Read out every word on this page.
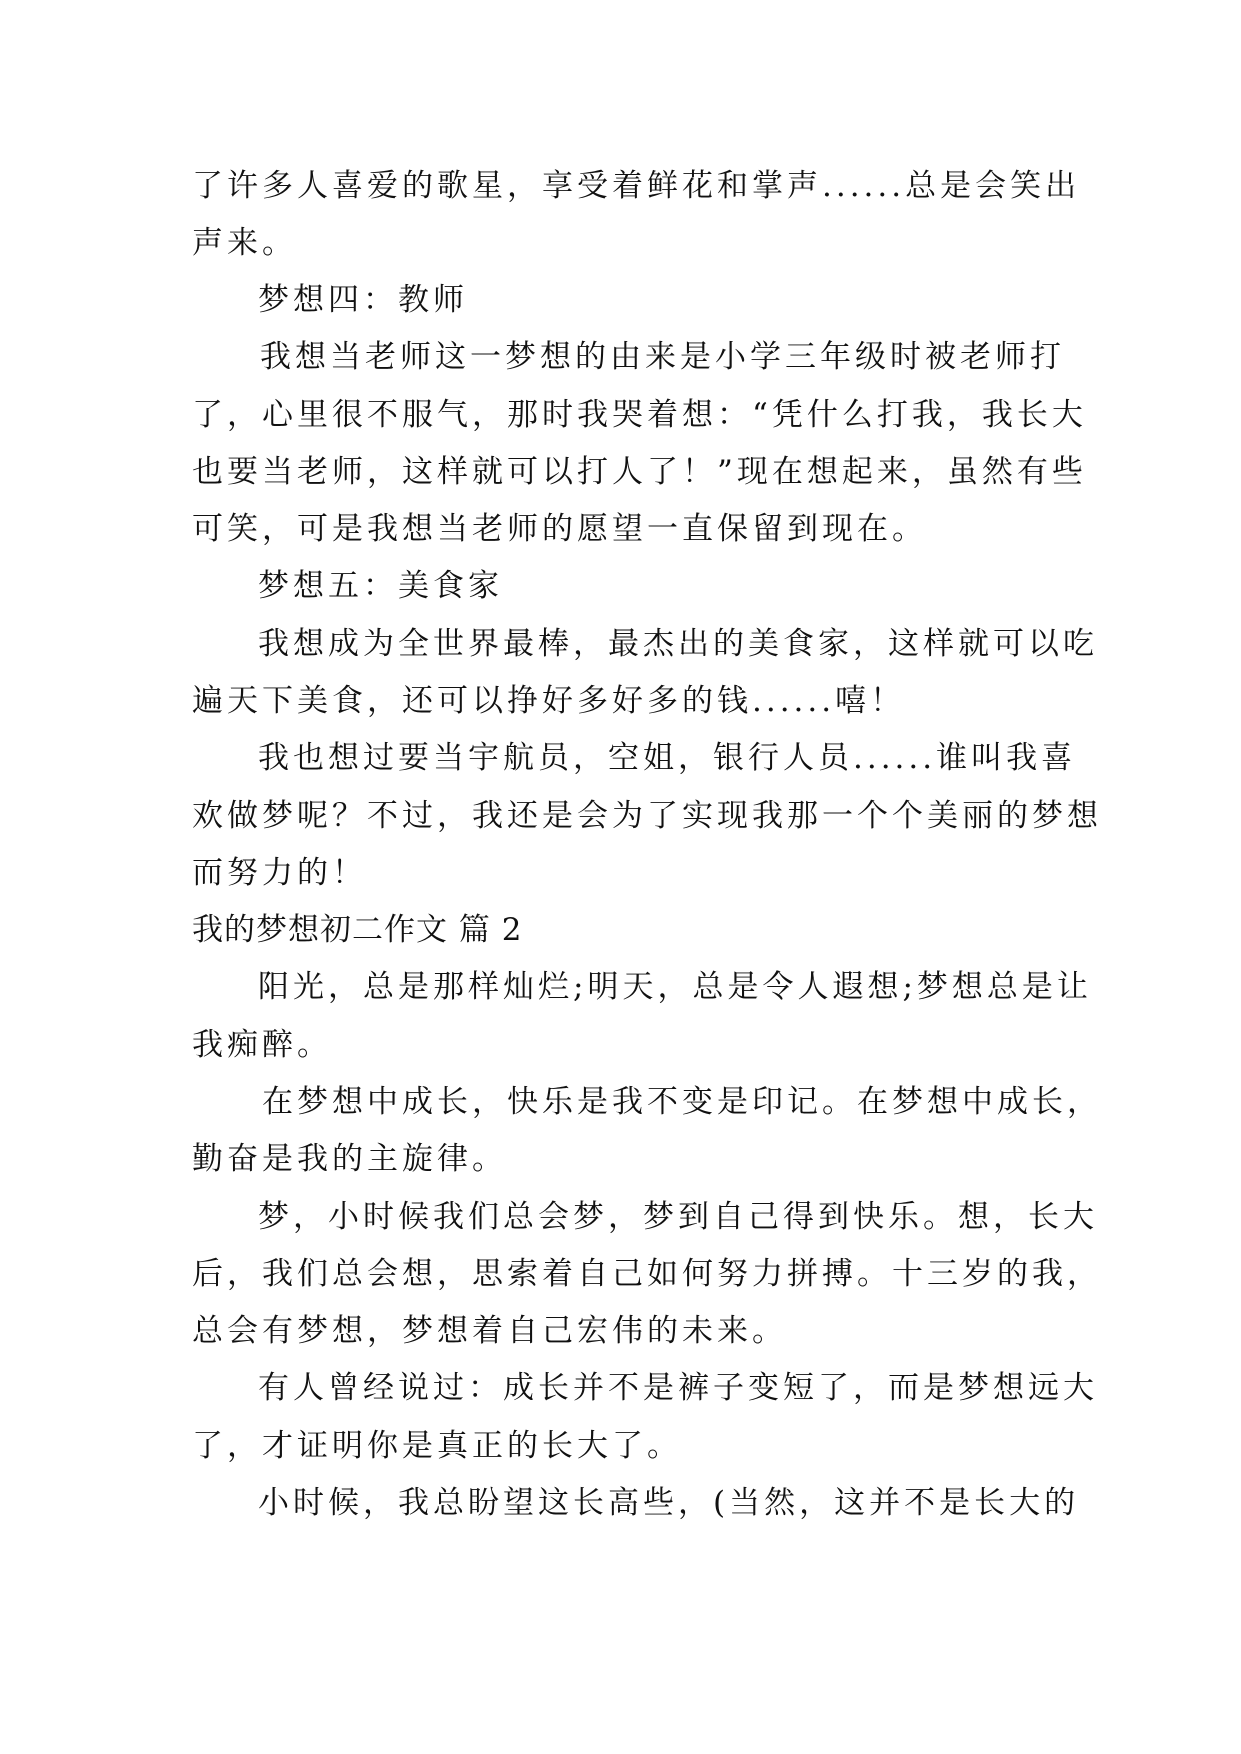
了许多人喜爱的歌星，享受着鲜花和掌声......总是会笑出
声来。
梦想四：教师
我想当老师这一梦想的由来是小学三年级时被老师打
了，心里很不服气，那时我哭着想：“凭什么打我，我长大
也要当老师，这样就可以打人了！”现在想起来，虽然有些
可笑，可是我想当老师的愿望一直保留到现在。
梦想五：美食家
我想成为全世界最棒，最杰出的美食家，这样就可以吃
遍天下美食，还可以挣好多好多的钱......嘻！
我也想过要当宇航员，空姐，银行人员......谁叫我喜
欢做梦呢？不过，我还是会为了实现我那一个个美丽的梦想
而努力的！
我的梦想初二作文 篇 2
阳光，总是那样灿烂;明天，总是令人遐想;梦想总是让
我痴醉。
在梦想中成长，快乐是我不变是印记。在梦想中成长，
勤奋是我的主旋律。
梦，小时候我们总会梦，梦到自己得到快乐。想，长大
后，我们总会想，思索着自己如何努力拼搏。十三岁的我，
总会有梦想，梦想着自己宏伟的未来。
有人曾经说过：成长并不是裤子变短了，而是梦想远大
了，才证明你是真正的长大了。
小时候，我总盼望这长高些，(当然，这并不是长大的
